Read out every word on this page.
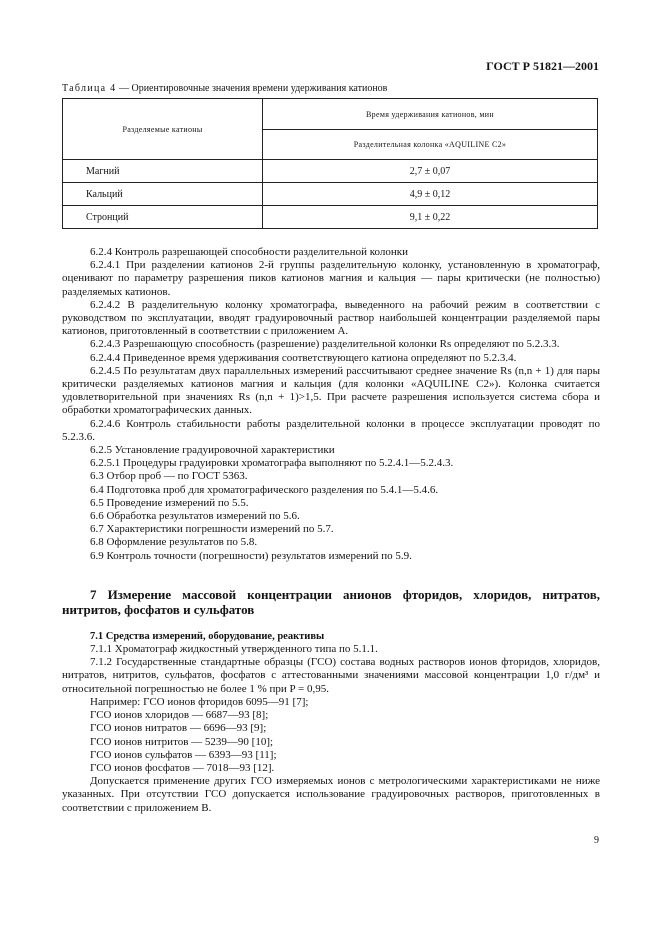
ГОСТ Р 51821—2001
Таблица 4 — Ориентировочные значения времени удерживания катионов
Разделяемые катионы	Время удерживания катионов, мин
	Разделительная колонка «AQUILINE C2»
Магний	2,7 ± 0,07
Кальций	4,9 ± 0,12
Стронций	9,1 ± 0,22

6.2.4 Контроль разрешающей способности разделительной колонки

6.2.4.1 При разделении катионов 2-й группы разделительную колонку, установленную в хроматограф, оценивают по параметру разрешения пиков катионов магния и кальция — пары критически (не полностью) разделяемых катионов.

6.2.4.2 В разделительную колонку хроматографа, выведенного на рабочий режим в соответствии с руководством по эксплуатации, вводят градуировочный раствор наибольшей концентрации разделяемой пары катионов, приготовленный в соответствии с приложением А.

6.2.4.3 Разрешающую способность (разрешение) разделительной колонки Rs определяют по 5.2.3.3.

6.2.4.4 Приведенное время удерживания соответствующего катиона определяют по 5.2.3.4.

6.2.4.5 По результатам двух параллельных измерений рассчитывают среднее значение Rs (n,n + 1) для пары критически разделяемых катионов магния и кальция (для колонки «AQUILINE C2»). Колонка считается удовлетворительной при значениях Rs (n,n + 1)>1,5. При расчете разрешения используется система сбора и обработки хроматографических данных.

6.2.4.6 Контроль стабильности работы разделительной колонки в процессе эксплуатации проводят по 5.2.3.6.

6.2.5 Установление градуировочной характеристики

6.2.5.1 Процедуры градуировки хроматографа выполняют по 5.2.4.1—5.2.4.3.

6.3 Отбор проб — по ГОСТ 5363.

6.4 Подготовка проб для хроматографического разделения по 5.4.1—5.4.6.

6.5 Проведение измерений по 5.5.

6.6 Обработка результатов измерений по 5.6.

6.7 Характеристики погрешности измерений по 5.7.

6.8 Оформление результатов по 5.8.

6.9 Контроль точности (погрешности) результатов измерений по 5.9.

7 Измерение массовой концентрации анионов фторидов, хлоридов, нитратов, нитритов, фосфатов и сульфатов

7.1 Средства измерений, оборудование, реактивы

7.1.1 Хроматограф жидкостный утвержденного типа по 5.1.1.

7.1.2 Государственные стандартные образцы (ГСО) состава водных растворов ионов фторидов, хлоридов, нитратов, нитритов, сульфатов, фосфатов с аттестованными значениями массовой концентрации 1,0 г/дм³ и относительной погрешностью не более 1 % при P = 0,95.

Например: ГСО ионов фторидов 6095—91 [7];

ГСО ионов хлоридов — 6687—93 [8];

ГСО ионов нитратов — 6696—93 [9];

ГСО ионов нитритов — 5239—90 [10];

ГСО ионов сульфатов — 6393—93 [11];

ГСО ионов фосфатов — 7018—93 [12].

Допускается применение других ГСО измеряемых ионов с метрологическими характеристиками не ниже указанных. При отсутствии ГСО допускается использование градуировочных растворов, приготовленных в соответствии с приложением В.

9
